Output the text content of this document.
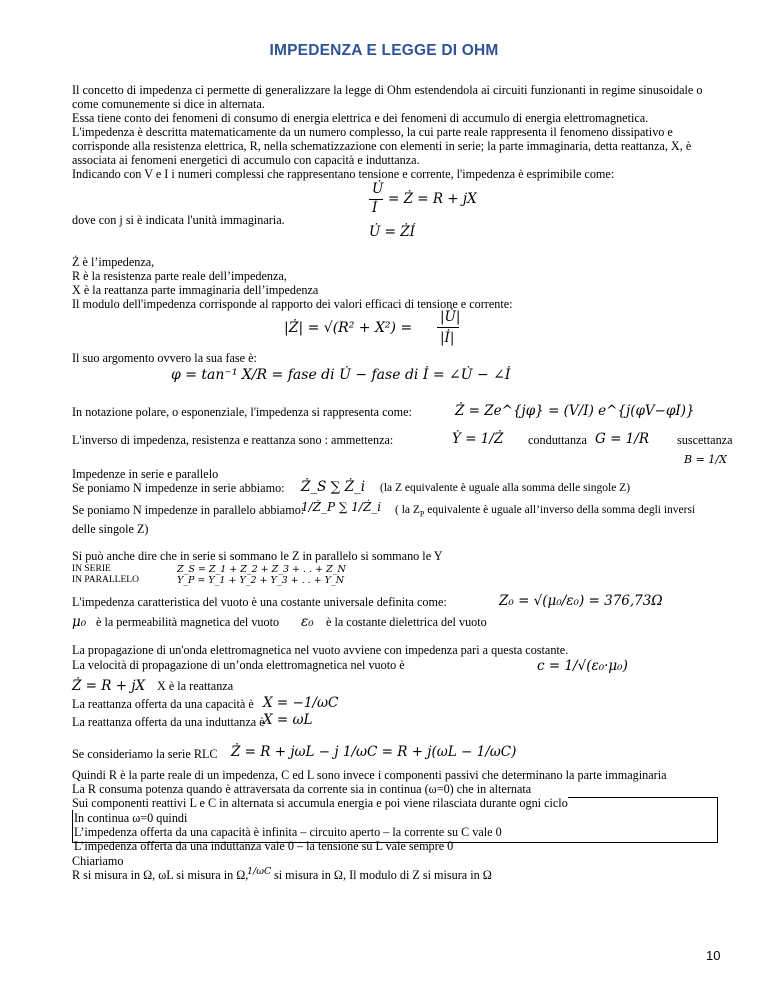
IMPEDENZA E LEGGE DI OHM
Il concetto di impedenza ci permette di generalizzare la legge di Ohm estendendola ai circuiti funzionanti in regime sinusoidale o
come comunemente si dice in alternata.
Essa tiene conto dei fenomeni di consumo di energia elettrica e dei fenomeni di accumulo di energia elettromagnetica.
L'impedenza è descritta matematicamente da un numero complesso, la cui parte reale rappresenta il fenomeno dissipativo e
corrisponde alla resistenza elettrica, R, nella schematizzazione con elementi in serie; la parte immaginaria, detta reattanza, X, è
associata ai fenomeni energetici di accumulo con capacità e induttanza.
Indicando con V e I i numeri complessi che rappresentano tensione e corrente, l'impedenza è esprimibile come:
U̇
İ
= Ż = R + jX
dove con j si è indicata l'unità immaginaria.
U̇ = ŻÍ
Ż è l’impedenza,
R è la resistenza parte reale dell’impedenza,
X è la reattanza parte immaginaria dell’impedenza
Il modulo dell'impedenza corrisponde al rapporto dei valori efficaci di tensione e corrente:
|Ż| = √(R² + X²) =
|U̇|
|İ|
Il suo argomento ovvero la sua fase è:
φ = tan⁻¹ X/R = fase di U̇ − fase di İ = ∠U̇ − ∠İ
In notazione polare, o esponenziale, l'impedenza si rappresenta come:	Ż = Ze^{jφ} = (V/I) e^{j(φV−φI)}
L'inverso di impedenza, resistenza e reattanza sono : ammettenza:	Ẏ = 1/Ż conduttanza G = 1/R suscettanza
B = 1/X
Impedenze in serie e parallelo
Se poniamo N impedenze in serie abbiamo: Ż_S ∑ Ż_i (la Z equivalente è uguale alla somma delle singole Z)
Se poniamo N impedenze in parallelo abbiamo:
1/Ż_P ∑ 1/Ż_i ( la $Z_P$ equivalente è uguale all’inverso della somma degli inversi
delle singole Z)
Si può anche dire che in serie si sommano le Z in parallelo si sommano le Y
IN SERIE	Z_S = Z_1 + Z_2 + Z_3 + . . + Z_N
IN PARALLELO	Y_P = Y_1 + Y_2 + Y_3 + . . + Y_N
L'impedenza caratteristica del vuoto è una costante universale definita come:	Z₀ = √(μ₀/ε₀) = 376,73Ω
μ₀ è la permeabilità magnetica del vuoto ε₀ è la costante dielettrica del vuoto
La propagazione di un'onda elettromagnetica nel vuoto avviene con impedenza pari a questa costante.
La velocità di propagazione di un’onda elettromagnetica nel vuoto è	c = 1/√(ε₀·μ₀)
Ż = R + jX X è la reattanza
La reattanza offerta da una capacità è X = −1/ωC
La reattanza offerta da una induttanza è
X = ωL
Se consideriamo la serie RLC Ż = R + jωL − j 1/ωC = R + j(ωL − 1/ωC)
Quindi R è la parte reale di un impedenza, C ed L sono invece i componenti passivi che determinano la parte immaginaria
La R consuma potenza quando è attraversata da corrente sia in continua (ω=0) che in alternata
Sui componenti reattivi L e C in alternata si accumula energia e poi viene rilasciata durante ogni ciclo
In continua ω=0 quindi
L’impedenza offerta da una capacità è infinita – circuito aperto – la corrente su C vale 0
L’impedenza offerta da una induttanza vale 0 – la tensione su L vale sempre 0
Chiariamo
R si misura in Ω, ωL si misura in Ω,
1/ωC si misura in Ω, Il modulo di Z si misura in Ω
10
